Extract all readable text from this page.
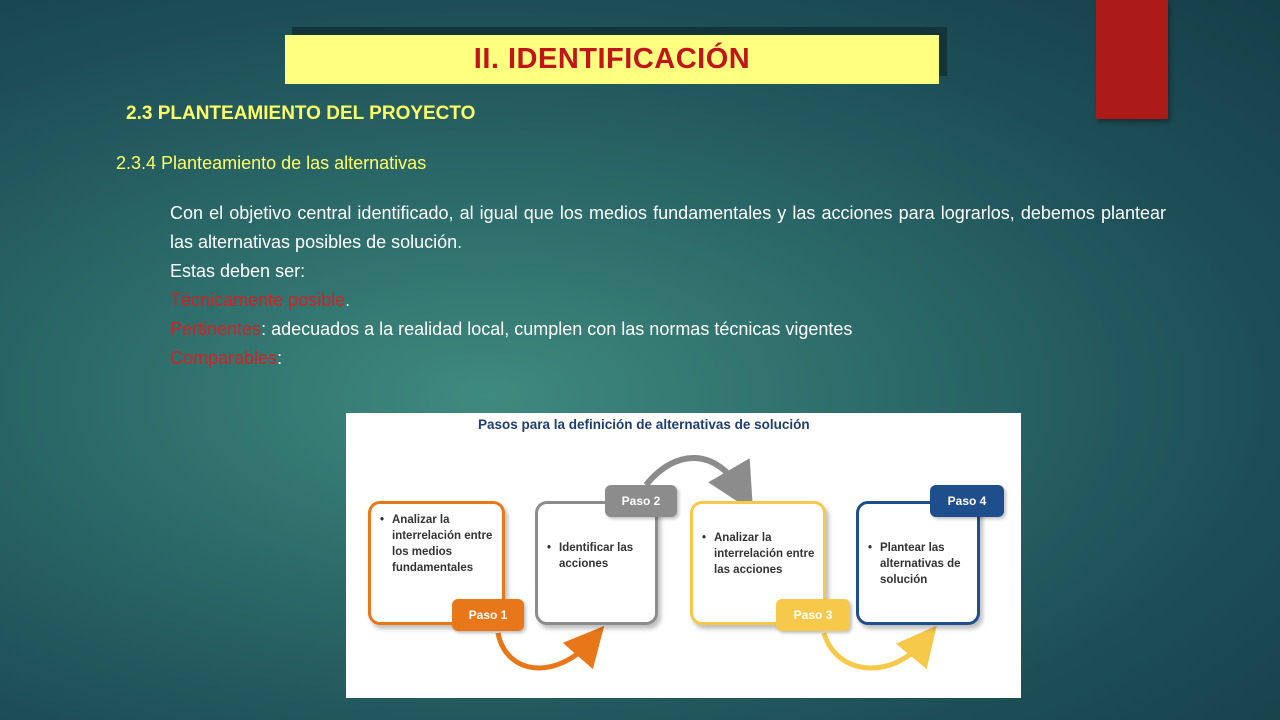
II. IDENTIFICACIÓN
2.3 PLANTEAMIENTO DEL PROYECTO
2.3.4 Planteamiento de las alternativas
Con el objetivo central identificado, al igual que los medios fundamentales y las acciones para lograrlos, debemos plantear las alternativas posibles de solución.
Estas deben ser:
Técnicamente posible.
Pertinentes: adecuados a la realidad local, cumplen con las normas técnicas vigentes
Comparables:
Pasos para la definición de alternativas de solución
• Analizar la interrelación entre los medios fundamentales
Paso 1
• Identificar las acciones
Paso 2
• Analizar la interrelación entre las acciones
Paso 3
• Plantear las alternativas de solución
Paso 4
